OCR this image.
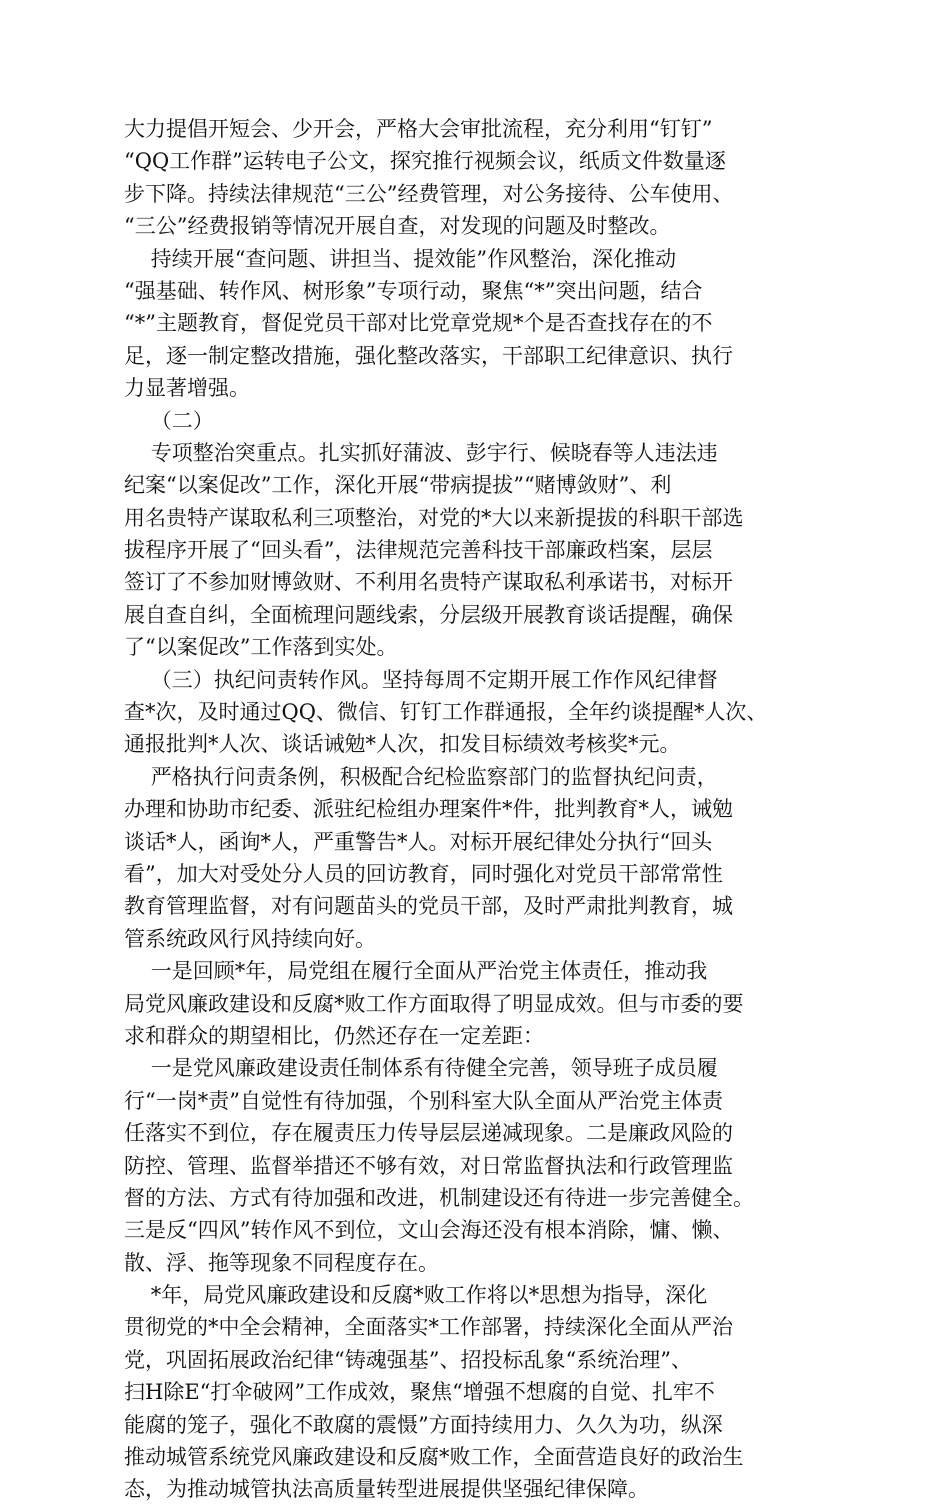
大力提倡开短会、少开会，严格大会审批流程，充分利用“钉钉”
“QQ工作群”运转电子公文，探究推行视频会议，纸质文件数量逐
步下降。持续法律规范“三公”经费管理，对公务接待、公车使用、
“三公”经费报销等情况开展自查，对发现的问题及时整改。
持续开展“查问题、讲担当、提效能”作风整治，深化推动
“强基础、转作风、树形象”专项行动，聚焦“*”突出问题，结合
“*”主题教育，督促党员干部对比党章党规*个是否查找存在的不
足，逐一制定整改措施，强化整改落实，干部职工纪律意识、执行
力显著增强。
（二）
专项整治突重点。扎实抓好蒲波、彭宇行、候晓春等人违法违
纪案“以案促改”工作，深化开展“带病提拔”“赌博敛财”、利
用名贵特产谋取私利三项整治，对党的*大以来新提拔的科职干部选
拔程序开展了“回头看”，法律规范完善科技干部廉政档案，层层
签订了不参加财博敛财、不利用名贵特产谋取私利承诺书，对标开
展自查自纠，全面梳理问题线索，分层级开展教育谈话提醒，确保
了“以案促改”工作落到实处。
（三）执纪问责转作风。坚持每周不定期开展工作作风纪律督
查*次，及时通过QQ、微信、钉钉工作群通报，全年约谈提醒*人次、
通报批判*人次、谈话诫勉*人次，扣发目标绩效考核奖*元。
严格执行问责条例，积极配合纪检监察部门的监督执纪问责，
办理和协助市纪委、派驻纪检组办理案件*件，批判教育*人，诫勉
谈话*人，函询*人，严重警告*人。对标开展纪律处分执行“回头
看”，加大对受处分人员的回访教育，同时强化对党员干部常常性
教育管理监督，对有问题苗头的党员干部，及时严肃批判教育，城
管系统政风行风持续向好。
一是回顾*年，局党组在履行全面从严治党主体责任，推动我
局党风廉政建设和反腐*败工作方面取得了明显成效。但与市委的要
求和群众的期望相比，仍然还存在一定差距：
一是党风廉政建设责任制体系有待健全完善，领导班子成员履
行“一岗*责”自觉性有待加强，个别科室大队全面从严治党主体责
任落实不到位，存在履责压力传导层层递减现象。二是廉政风险的
防控、管理、监督举措还不够有效，对日常监督执法和行政管理监
督的方法、方式有待加强和改进，机制建设还有待进一步完善健全。
三是反“四风”转作风不到位，文山会海还没有根本消除，慵、懒、
散、浮、拖等现象不同程度存在。
*年，局党风廉政建设和反腐*败工作将以*思想为指导，深化
贯彻党的*中全会精神，全面落实*工作部署，持续深化全面从严治
党，巩固拓展政治纪律“铸魂强基”、招投标乱象“系统治理”、
扫H除E“打伞破网”工作成效，聚焦“增强不想腐的自觉、扎牢不
能腐的笼子，强化不敢腐的震慑”方面持续用力、久久为功，纵深
推动城管系统党风廉政建设和反腐*败工作，全面营造良好的政治生
态，为推动城管执法高质量转型进展提供坚强纪律保障。
